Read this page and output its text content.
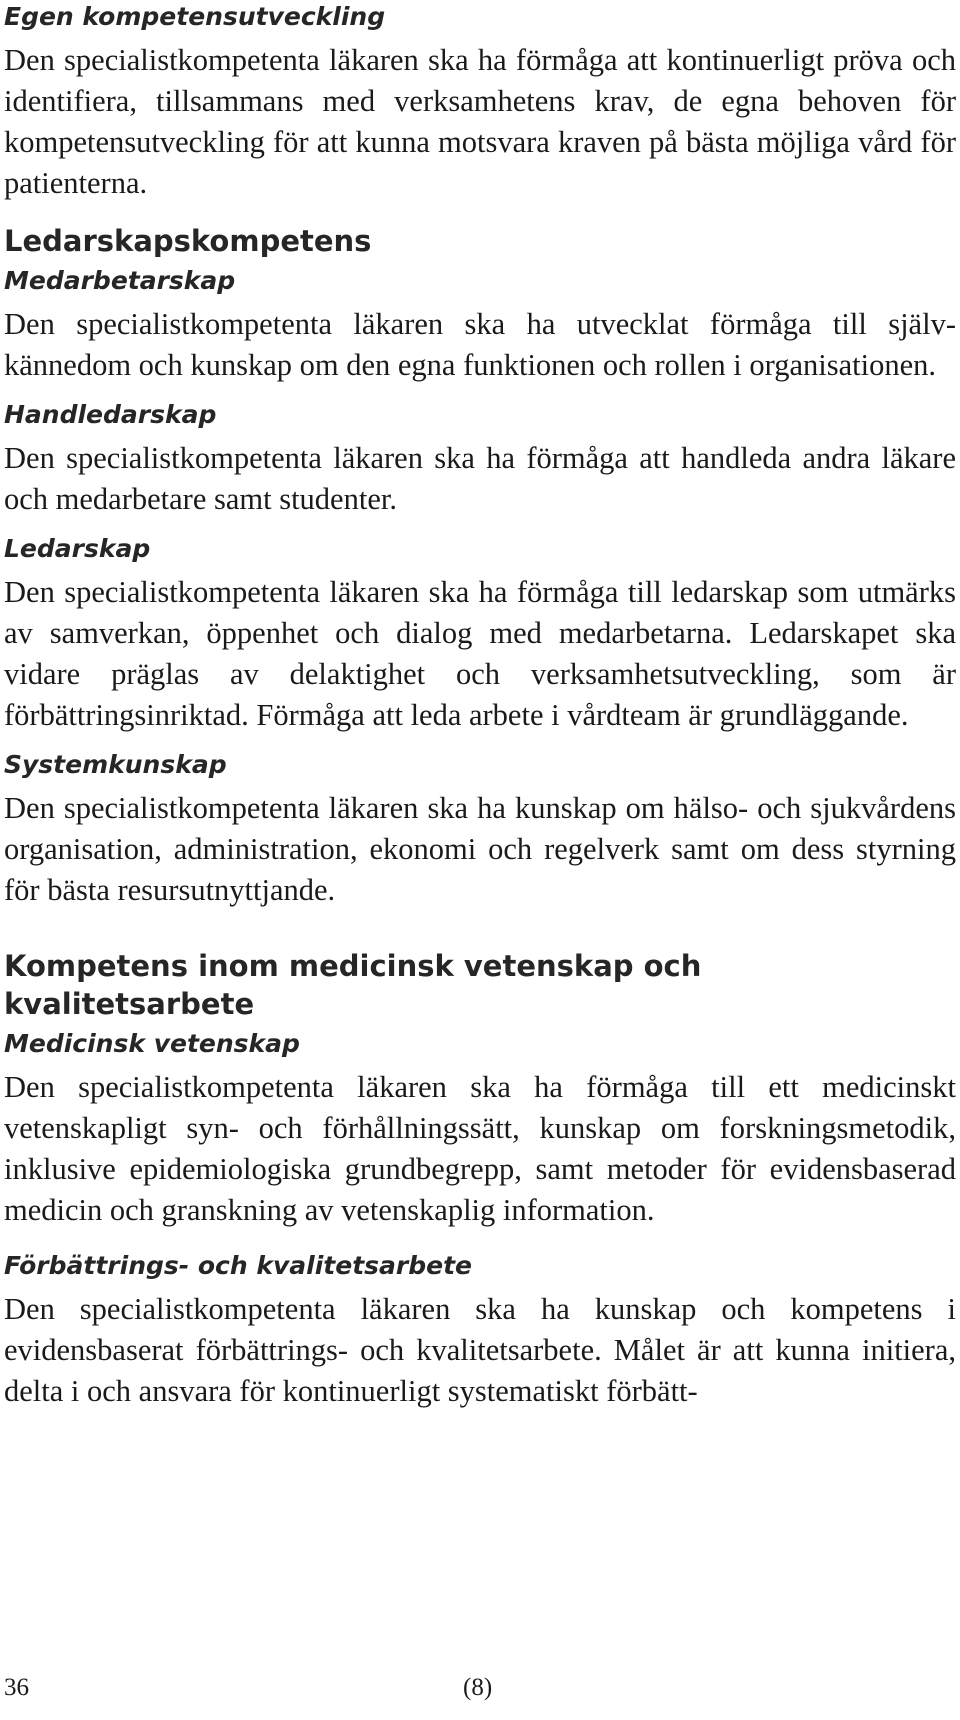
Egen kompetensutveckling

Den specialistkompetenta läkaren ska ha förmåga att kontinuerligt pröva och identifiera, tillsammans med verksamhetens krav, de egna behoven för kompetensutveckling för att kunna motsvara kraven på bästa möjliga vård för patienterna.

Ledarskapskompetens
Medarbetarskap

Den specialistkompetenta läkaren ska ha utvecklat förmåga till självkännedom och kunskap om den egna funktionen och rollen i organisationen.

Handledarskap

Den specialistkompetenta läkaren ska ha förmåga att handleda andra läkare och medarbetare samt studenter.

Ledarskap

Den specialistkompetenta läkaren ska ha förmåga till ledarskap som utmärks av samverkan, öppenhet och dialog med medarbetarna. Ledarskapet ska vidare präglas av delaktighet och verksamhetsutveckling, som är förbättringsinriktad. Förmåga att leda arbete i vårdteam är grundläggande.

Systemkunskap

Den specialistkompetenta läkaren ska ha kunskap om hälso- och sjukvårdens organisation, administration, ekonomi och regelverk samt om dess styrning för bästa resursutnyttjande.

Kompetens inom medicinsk vetenskap och kvalitetsarbete
Medicinsk vetenskap

Den specialistkompetenta läkaren ska ha förmåga till ett medicinskt vetenskapligt syn- och förhållningssätt, kunskap om forskningsmetodik, inklusive epidemiologiska grundbegrepp, samt metoder för evidensbaserad medicin och granskning av vetenskaplig information.

Förbättrings- och kvalitetsarbete

Den specialistkompetenta läkaren ska ha kunskap och kompetens i evidensbaserat förbättrings- och kvalitetsarbete. Målet är att kunna initiera, delta i och ansvara för kontinuerligt systematiskt förbätt-

36	(8)
